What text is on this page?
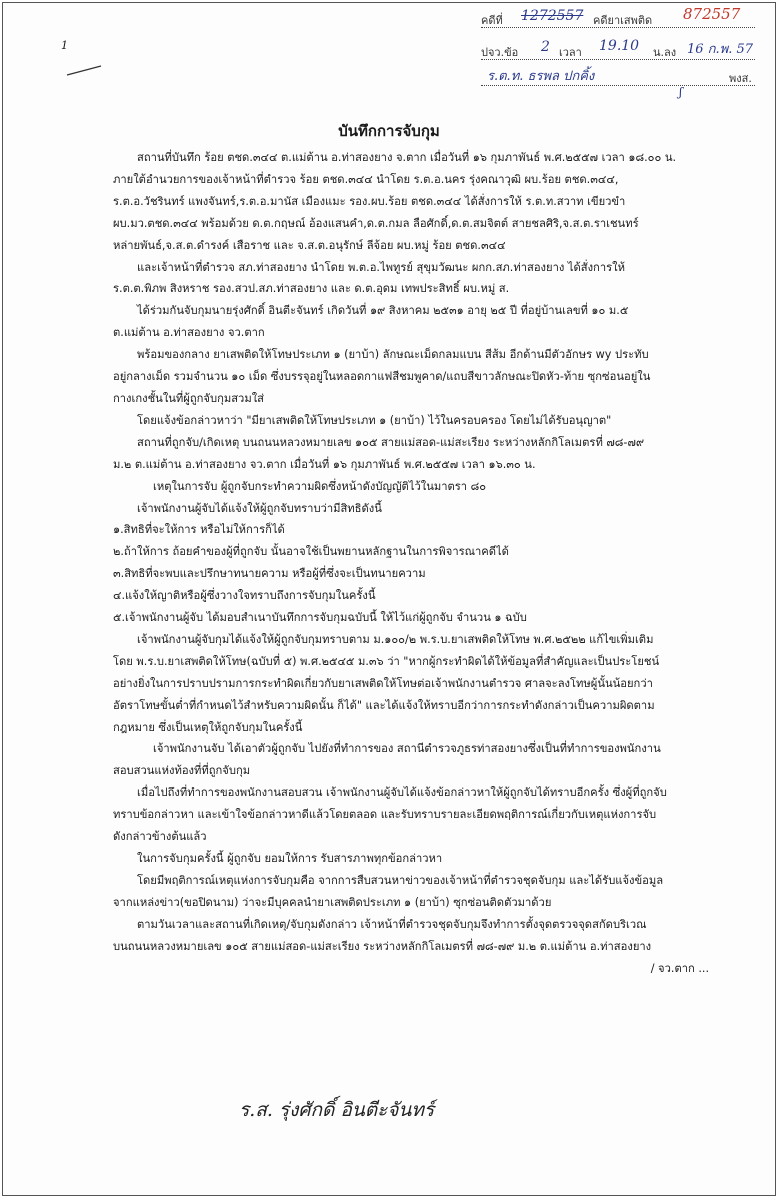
1
คดีที่ 1272557 คดียาเสพติด 872557
ปจว.ข้อ 2 เวลา 19.10 น.ลง 16 ก.พ. 57
ร.ต.ท. ธรพล ปกคิ้ง	พงส.
ʃ
บันทึกการจับกุม

สถานที่บันทึก ร้อย ตชด.๓๔๔ ต.แม่ต้าน อ.ท่าสองยาง จ.ตาก เมื่อวันที่ ๑๖ กุมภาพันธ์ พ.ศ.๒๕๕๗ เวลา ๑๘.๐๐ น.

ภายใต้อำนวยการของเจ้าหน้าที่ตำรวจ ร้อย ตชด.๓๔๔ นำโดย ร.ต.อ.นคร รุ่งคณาวุฒิ ผบ.ร้อย ตชด.๓๔๔,

ร.ต.อ.วัชรินทร์ แพงจันทร์,ร.ต.อ.มานัส เมืองแมะ รอง.ผบ.ร้อย ตชด.๓๔๔ ได้สั่งการให้ ร.ต.ท.สวาท เขียวขำ

ผบ.มว.ตชด.๓๔๔ พร้อมด้วย ด.ต.กฤษณ์ อ้องแสนคำ,ด.ต.กมล ลือศักดิ์,ด.ต.สมจิตต์ สายชลศิริ,จ.ส.ต.ราเชนทร์

หล่ายพันธ์,จ.ส.ต.ดำรงค์ เสือราช และ จ.ส.ต.อนุรักษ์ ลีจ้อย ผบ.หมู่ ร้อย ตชด.๓๔๔

และเจ้าหน้าที่ตำรวจ สภ.ท่าสองยาง นำโดย พ.ต.อ.ไพทูรย์ สุขุมวัฒนะ ผกก.สภ.ท่าสองยาง ได้สั่งการให้

ร.ต.ต.พิภพ สิงหราช รอง.สวป.สภ.ท่าสองยาง และ ด.ต.อุดม เทพประสิทธิ์ ผบ.หมู่ ส.

ได้ร่วมกันจับกุมนายรุ่งศักดิ์ อินตีะจันทร์ เกิดวันที่ ๑๙ สิงหาคม ๒๕๓๑ อายุ ๒๕ ปี ที่อยู่บ้านเลขที่ ๑๐ ม.๕

ต.แม่ต้าน อ.ท่าสองยาง จว.ตาก

พร้อมของกลาง ยาเสพติดให้โทษประเภท ๑ (ยาบ้า) ลักษณะเม็ดกลมแบน สีส้ม อีกด้านมีตัวอักษร wy ประทับ

อยู่กลางเม็ด รวมจำนวน ๑๐ เม็ด ซึ่งบรรจุอยู่ในหลอดกาแฟสีชมพูคาด/แถบสีขาวลักษณะปิดหัว-ท้าย ซุกซ่อนอยู่ใน

กางเกงชั้นในที่ผู้ถูกจับกุมสวมใส่

โดยแจ้งข้อกล่าวหาว่า "มียาเสพติดให้โทษประเภท ๑ (ยาบ้า) ไว้ในครอบครอง โดยไม่ได้รับอนุญาต"

สถานที่ถูกจับ/เกิดเหตุ บนถนนหลวงหมายเลข ๑๐๕ สายแม่สอด-แม่สะเรียง ระหว่างหลักกิโลเมตรที่ ๗๘-๗๙

ม.๒ ต.แม่ต้าน อ.ท่าสองยาง จว.ตาก เมื่อวันที่ ๑๖ กุมภาพันธ์ พ.ศ.๒๕๕๗ เวลา ๑๖.๓๐ น.

เหตุในการจับ ผู้ถูกจับกระทำความผิดซึ่งหน้าดังบัญญัติไว้ในมาตรา ๘๐

เจ้าพนักงานผู้จับได้แจ้งให้ผู้ถูกจับทราบว่ามีสิทธิดังนี้

๑.สิทธิที่จะให้การ หรือไม่ให้การก็ได้

๒.ถ้าให้การ ถ้อยคำของผู้ที่ถูกจับ นั้นอาจใช้เป็นพยานหลักฐานในการพิจารณาคดีได้

๓.สิทธิที่จะพบและปรึกษาทนายความ หรือผู้ที่ซึ่งจะเป็นทนายความ

๔.แจ้งให้ญาติหรือผู้ซึ่งวางใจทราบถึงการจับกุมในครั้งนี้

๕.เจ้าพนักงานผู้จับ ได้มอบสำเนาบันทึกการจับกุมฉบับนี้ ให้ไว้แก่ผู้ถูกจับ จำนวน ๑ ฉบับ

เจ้าพนักงานผู้จับกุมได้แจ้งให้ผู้ถูกจับกุมทราบตาม ม.๑๐๐/๒ พ.ร.บ.ยาเสพติดให้โทษ พ.ศ.๒๕๒๒ แก้ไขเพิ่มเติม

โดย พ.ร.บ.ยาเสพติดให้โทษ(ฉบับที่ ๕) พ.ศ.๒๕๔๕ ม.๓๖ ว่า "หากผู้กระทำผิดได้ให้ข้อมูลที่สำคัญและเป็นประโยชน์

อย่างยิ่งในการปราบปรามการกระทำผิดเกี่ยวกับยาเสพติดให้โทษต่อเจ้าพนักงานตำรวจ ศาลจะลงโทษผู้นั้นน้อยกว่า

อัตราโทษขั้นต่ำที่กำหนดไว้สำหรับความผิดนั้น ก็ได้" และได้แจ้งให้ทราบอีกว่าการกระทำดังกล่าวเป็นความผิดตาม

กฎหมาย ซึ่งเป็นเหตุให้ถูกจับกุมในครั้งนี้

เจ้าพนักงานจับ ได้เอาตัวผู้ถูกจับ ไปยังที่ทำการของ สถานีตำรวจภูธรท่าสองยางซึ่งเป็นที่ทำการของพนักงาน

สอบสวนแห่งท้องที่ที่ถูกจับกุม

เมื่อไปถึงที่ทำการของพนักงานสอบสวน เจ้าพนักงานผู้จับได้แจ้งข้อกล่าวหาให้ผู้ถูกจับได้ทราบอีกครั้ง ซึ่งผู้ที่ถูกจับ

ทราบข้อกล่าวหา และเข้าใจข้อกล่าวหาดีแล้วโดยตลอด และรับทราบรายละเอียดพฤติการณ์เกี่ยวกับเหตุแห่งการจับ

ดังกล่าวข้างต้นแล้ว

ในการจับกุมครั้งนี้ ผู้ถูกจับ ยอมให้การ รับสารภาพทุกข้อกล่าวหา

โดยมีพฤติการณ์เหตุแห่งการจับกุมคือ จากการสืบสวนหาข่าวของเจ้าหน้าที่ตำรวจชุดจับกุม และได้รับแจ้งข้อมูล

จากแหล่งข่าว(ขอปิดนาม) ว่าจะมีบุคคลนำยาเสพติดประเภท ๑ (ยาบ้า) ซุกซ่อนติดตัวมาด้วย

ตามวันเวลาและสถานที่เกิดเหตุ/จับกุมดังกล่าว เจ้าหน้าที่ตำรวจชุดจับกุมจึงทำการตั้งจุดตรวจจุดสกัดบริเวณ

บนถนนหลวงหมายเลข ๑๐๕ สายแม่สอด-แม่สะเรียง ระหว่างหลักกิโลเมตรที่ ๗๘-๗๙ ม.๒ ต.แม่ต้าน อ.ท่าสองยาง

/ จว.ตาก ...

ร.ส. รุ่งศักดิ์ อินตีะจันทร์
